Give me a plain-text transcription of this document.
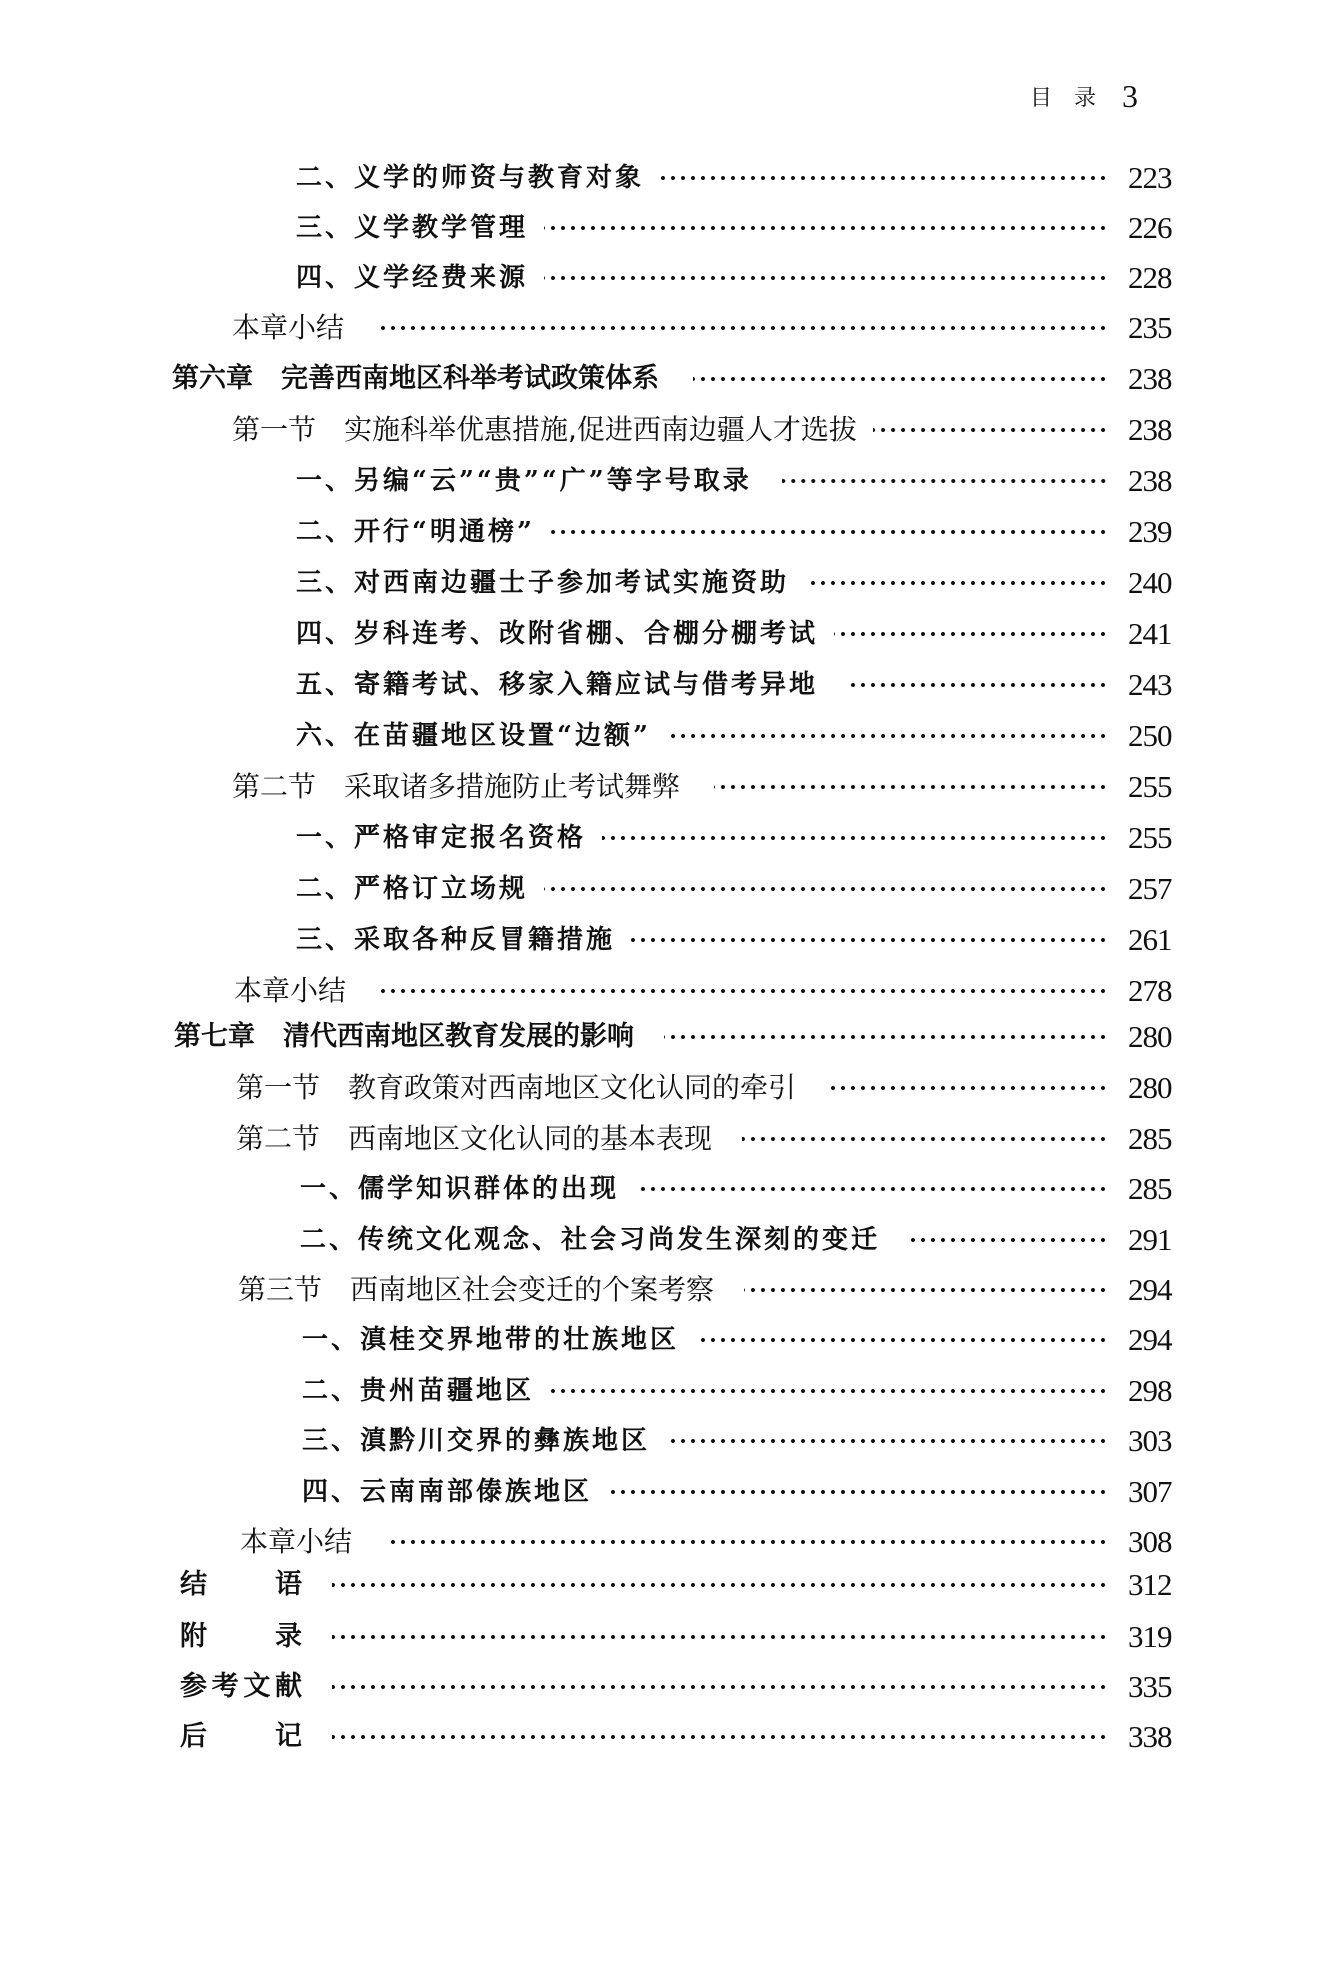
目录 3
二、义学的师资与教育对象	223
三、义学教学管理	226
四、义学经费来源	228
本章小结	235
第六章 完善西南地区科举考试政策体系	238
第一节 实施科举优惠措施,促进西南边疆人才选拔	238
一、另编“云”“贵”“广”等字号取录	238
二、开行“明通榜”	239
三、对西南边疆士子参加考试实施资助	240
四、岁科连考、改附省棚、合棚分棚考试	241
五、寄籍考试、移家入籍应试与借考异地	243
六、在苗疆地区设置“边额”	250
第二节 采取诸多措施防止考试舞弊	255
一、严格审定报名资格	255
二、严格订立场规	257
三、采取各种反冒籍措施	261
本章小结	278
第七章 清代西南地区教育发展的影响	280
第一节 教育政策对西南地区文化认同的牵引	280
第二节 西南地区文化认同的基本表现	285
一、儒学知识群体的出现	285
二、传统文化观念、社会习尚发生深刻的变迁	291
第三节 西南地区社会变迁的个案考察	294
一、滇桂交界地带的壮族地区	294
二、贵州苗疆地区	298
三、滇黔川交界的彝族地区	303
四、云南南部傣族地区	307
本章小结	308
结	语	312
附	录	319
参 考 文 献	335
后	记	338
